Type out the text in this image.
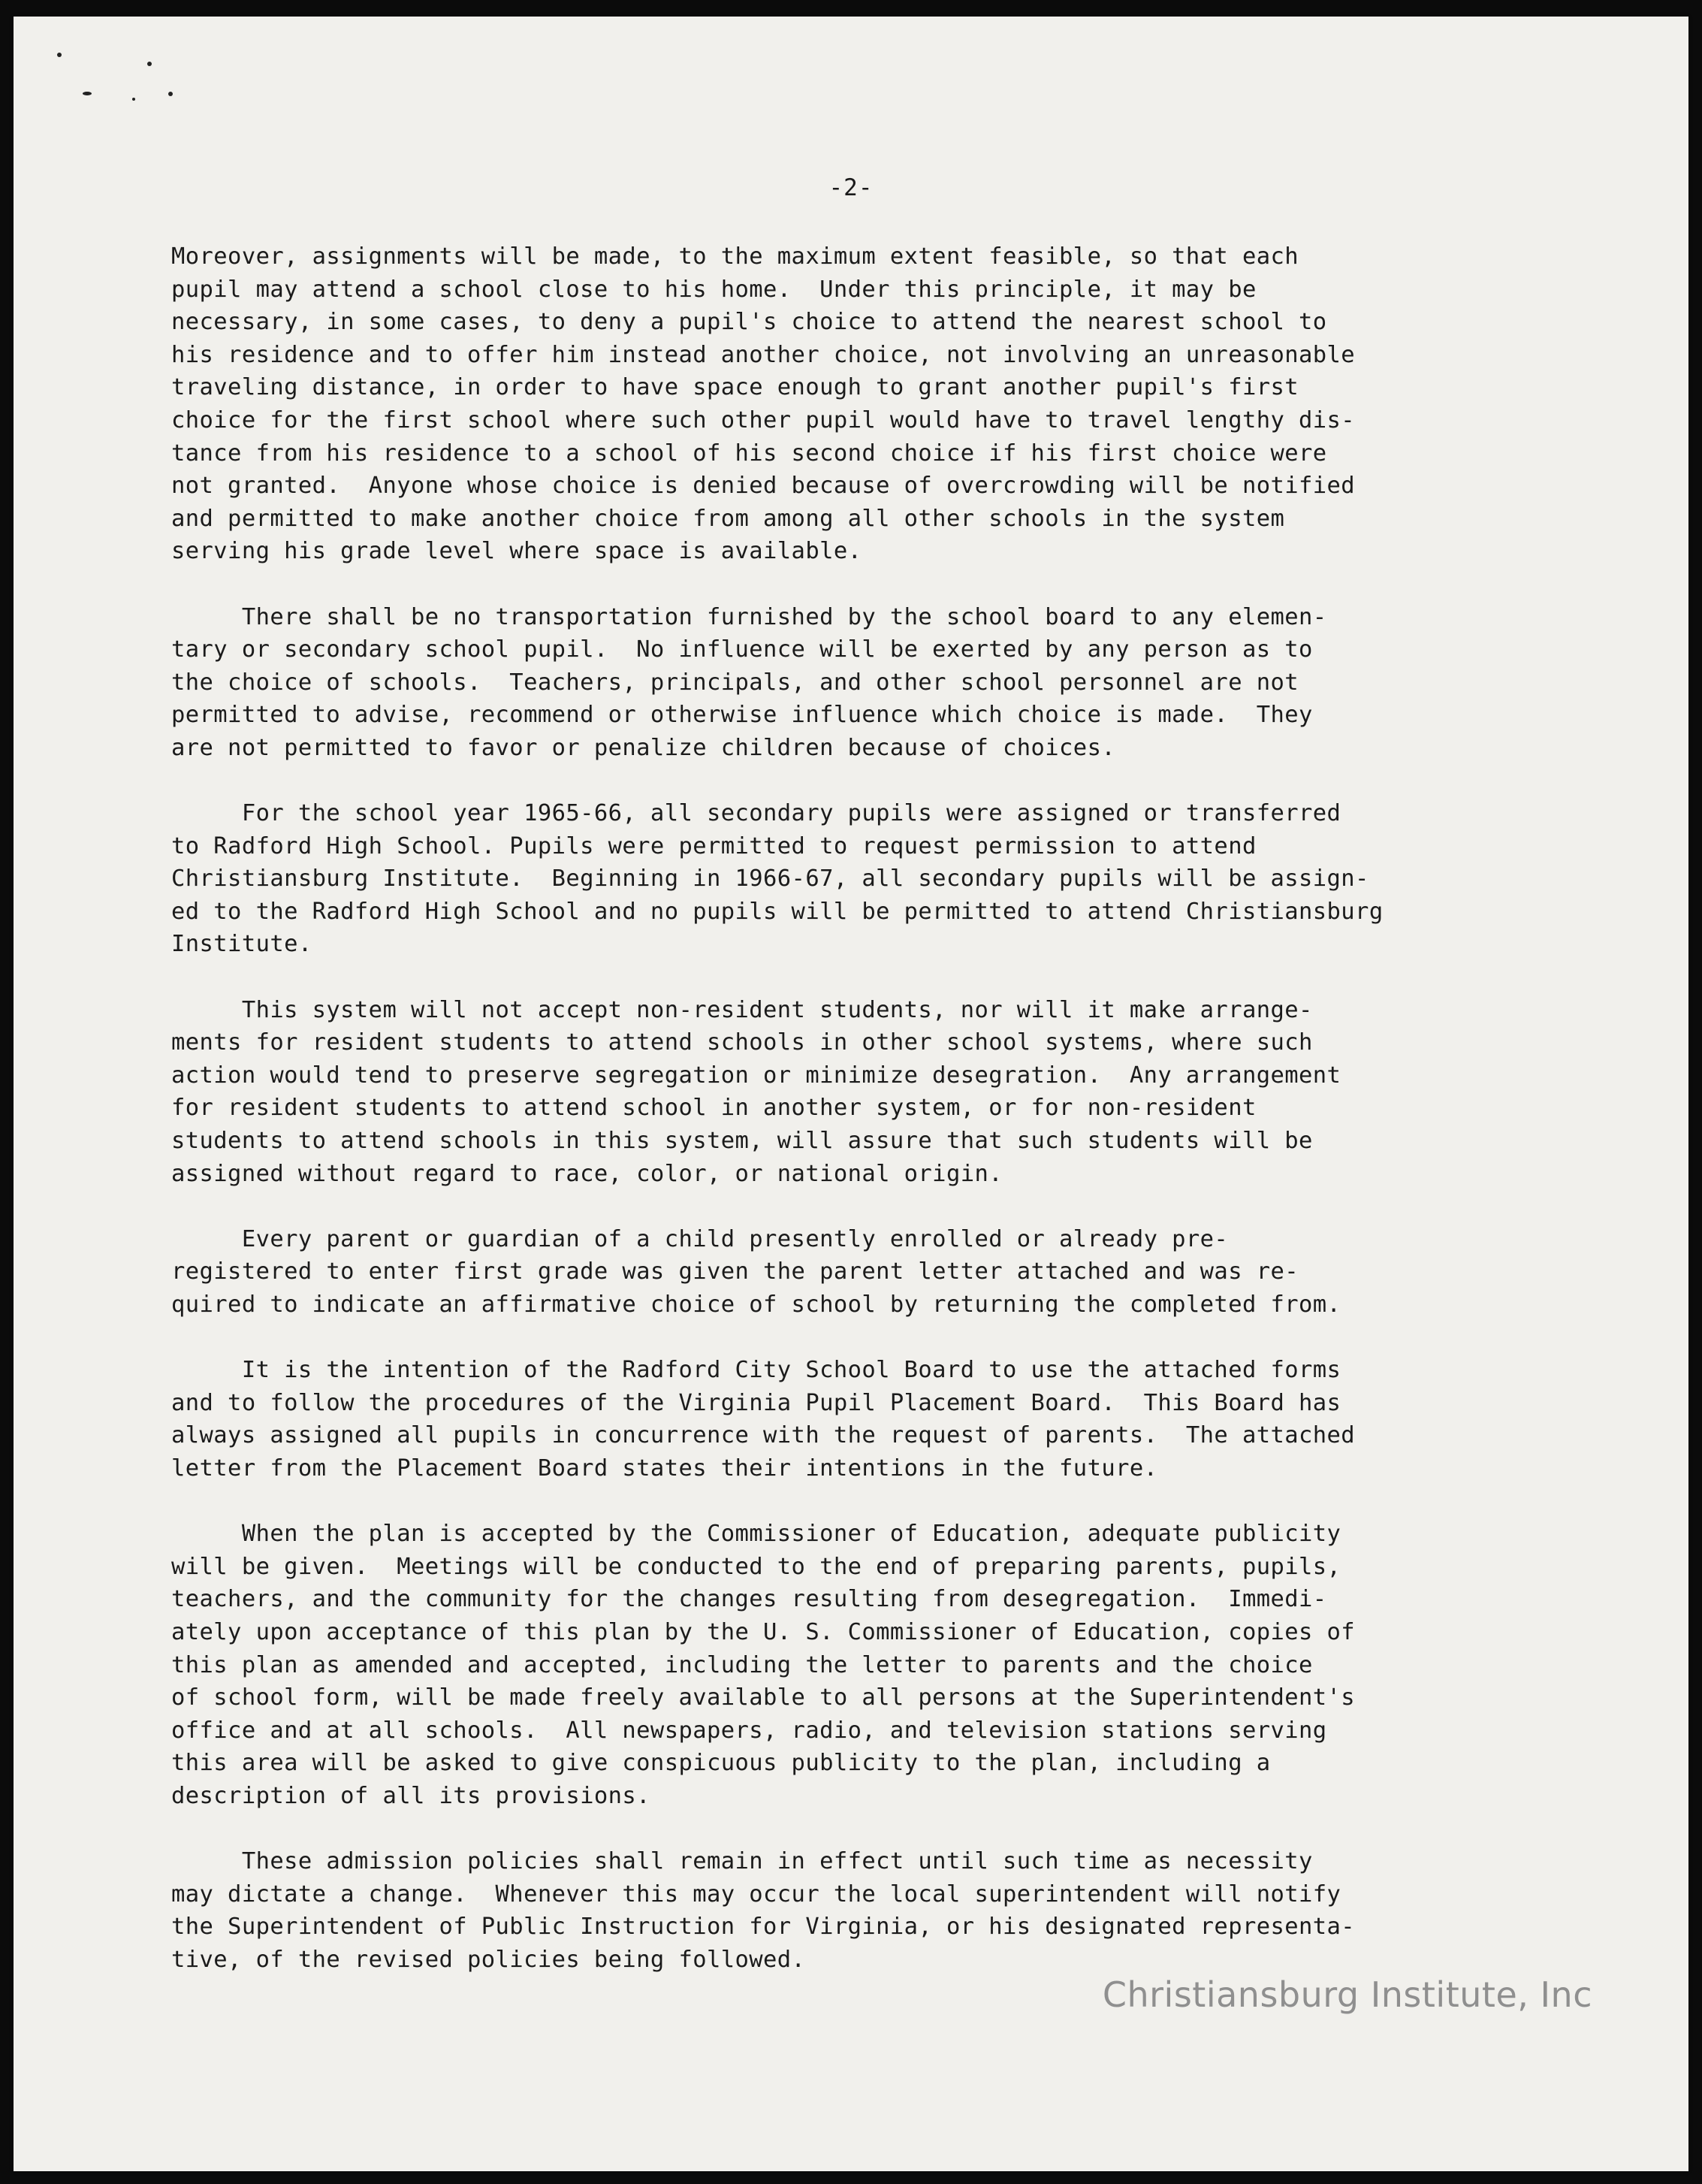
-2-
Moreover, assignments will be made, to the maximum extent feasible, so that each
pupil may attend a school close to his home.  Under this principle, it may be
necessary, in some cases, to deny a pupil's choice to attend the nearest school to
his residence and to offer him instead another choice, not involving an unreasonable
traveling distance, in order to have space enough to grant another pupil's first
choice for the first school where such other pupil would have to travel lengthy dis-
tance from his residence to a school of his second choice if his first choice were
not granted.  Anyone whose choice is denied because of overcrowding will be notified
and permitted to make another choice from among all other schools in the system
serving his grade level where space is available.
There shall be no transportation furnished by the school board to any elemen-
tary or secondary school pupil.  No influence will be exerted by any person as to
the choice of schools.  Teachers, principals, and other school personnel are not
permitted to advise, recommend or otherwise influence which choice is made.  They
are not permitted to favor or penalize children because of choices.
For the school year 1965-66, all secondary pupils were assigned or transferred
to Radford High School. Pupils were permitted to request permission to attend
Christiansburg Institute.  Beginning in 1966-67, all secondary pupils will be assign-
ed to the Radford High School and no pupils will be permitted to attend Christiansburg
Institute.
This system will not accept non-resident students, nor will it make arrange-
ments for resident students to attend schools in other school systems, where such
action would tend to preserve segregation or minimize desegration.  Any arrangement
for resident students to attend school in another system, or for non-resident
students to attend schools in this system, will assure that such students will be
assigned without regard to race, color, or national origin.
Every parent or guardian of a child presently enrolled or already pre-
registered to enter first grade was given the parent letter attached and was re-
quired to indicate an affirmative choice of school by returning the completed from.
It is the intention of the Radford City School Board to use the attached forms
and to follow the procedures of the Virginia Pupil Placement Board.  This Board has
always assigned all pupils in concurrence with the request of parents.  The attached
letter from the Placement Board states their intentions in the future.
When the plan is accepted by the Commissioner of Education, adequate publicity
will be given.  Meetings will be conducted to the end of preparing parents, pupils,
teachers, and the community for the changes resulting from desegregation.  Immedi-
ately upon acceptance of this plan by the U. S. Commissioner of Education, copies of
this plan as amended and accepted, including the letter to parents and the choice
of school form, will be made freely available to all persons at the Superintendent's
office and at all schools.  All newspapers, radio, and television stations serving
this area will be asked to give conspicuous publicity to the plan, including a
description of all its provisions.
These admission policies shall remain in effect until such time as necessity
may dictate a change.  Whenever this may occur the local superintendent will notify
the Superintendent of Public Instruction for Virginia, or his designated representa-
tive, of the revised policies being followed.
Christiansburg Institute, Inc
